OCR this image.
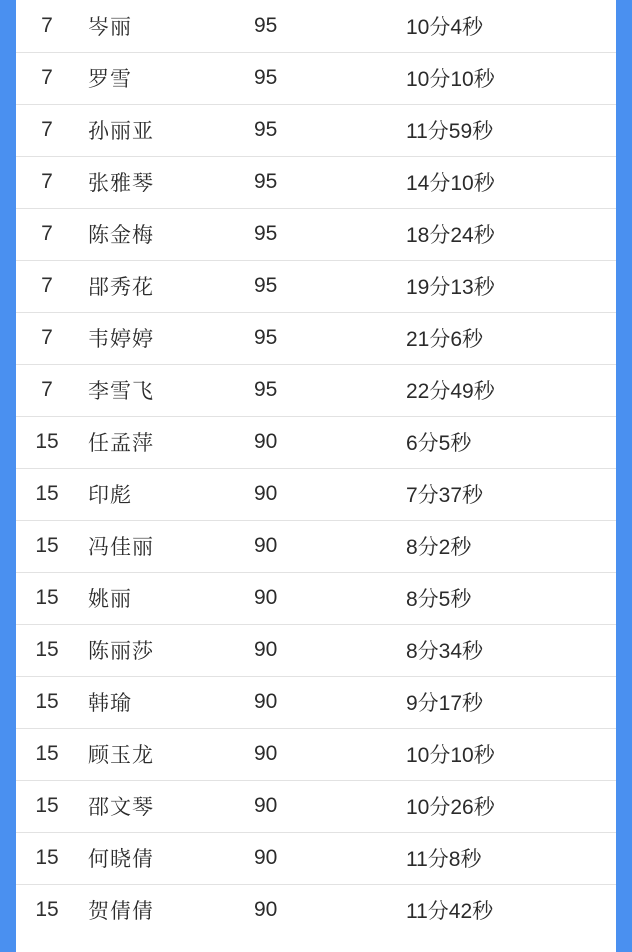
7	岑丽	95	10分4秒
7	罗雪	95	10分10秒
7	孙丽亚	95	11分59秒
7	张雅琴	95	14分10秒
7	陈金梅	95	18分24秒
7	郘秀花	95	19分13秒
7	韦婷婷	95	21分6秒
7	李雪飞	95	22分49秒
15	任孟萍	90	6分5秒
15	印彪	90	7分37秒
15	冯佳丽	90	8分2秒
15	姚丽	90	8分5秒
15	陈丽莎	90	8分34秒
15	韩瑜	90	9分17秒
15	顾玉龙	90	10分10秒
15	邵文琴	90	10分26秒
15	何晓倩	90	11分8秒
15	贺倩倩	90	11分42秒
